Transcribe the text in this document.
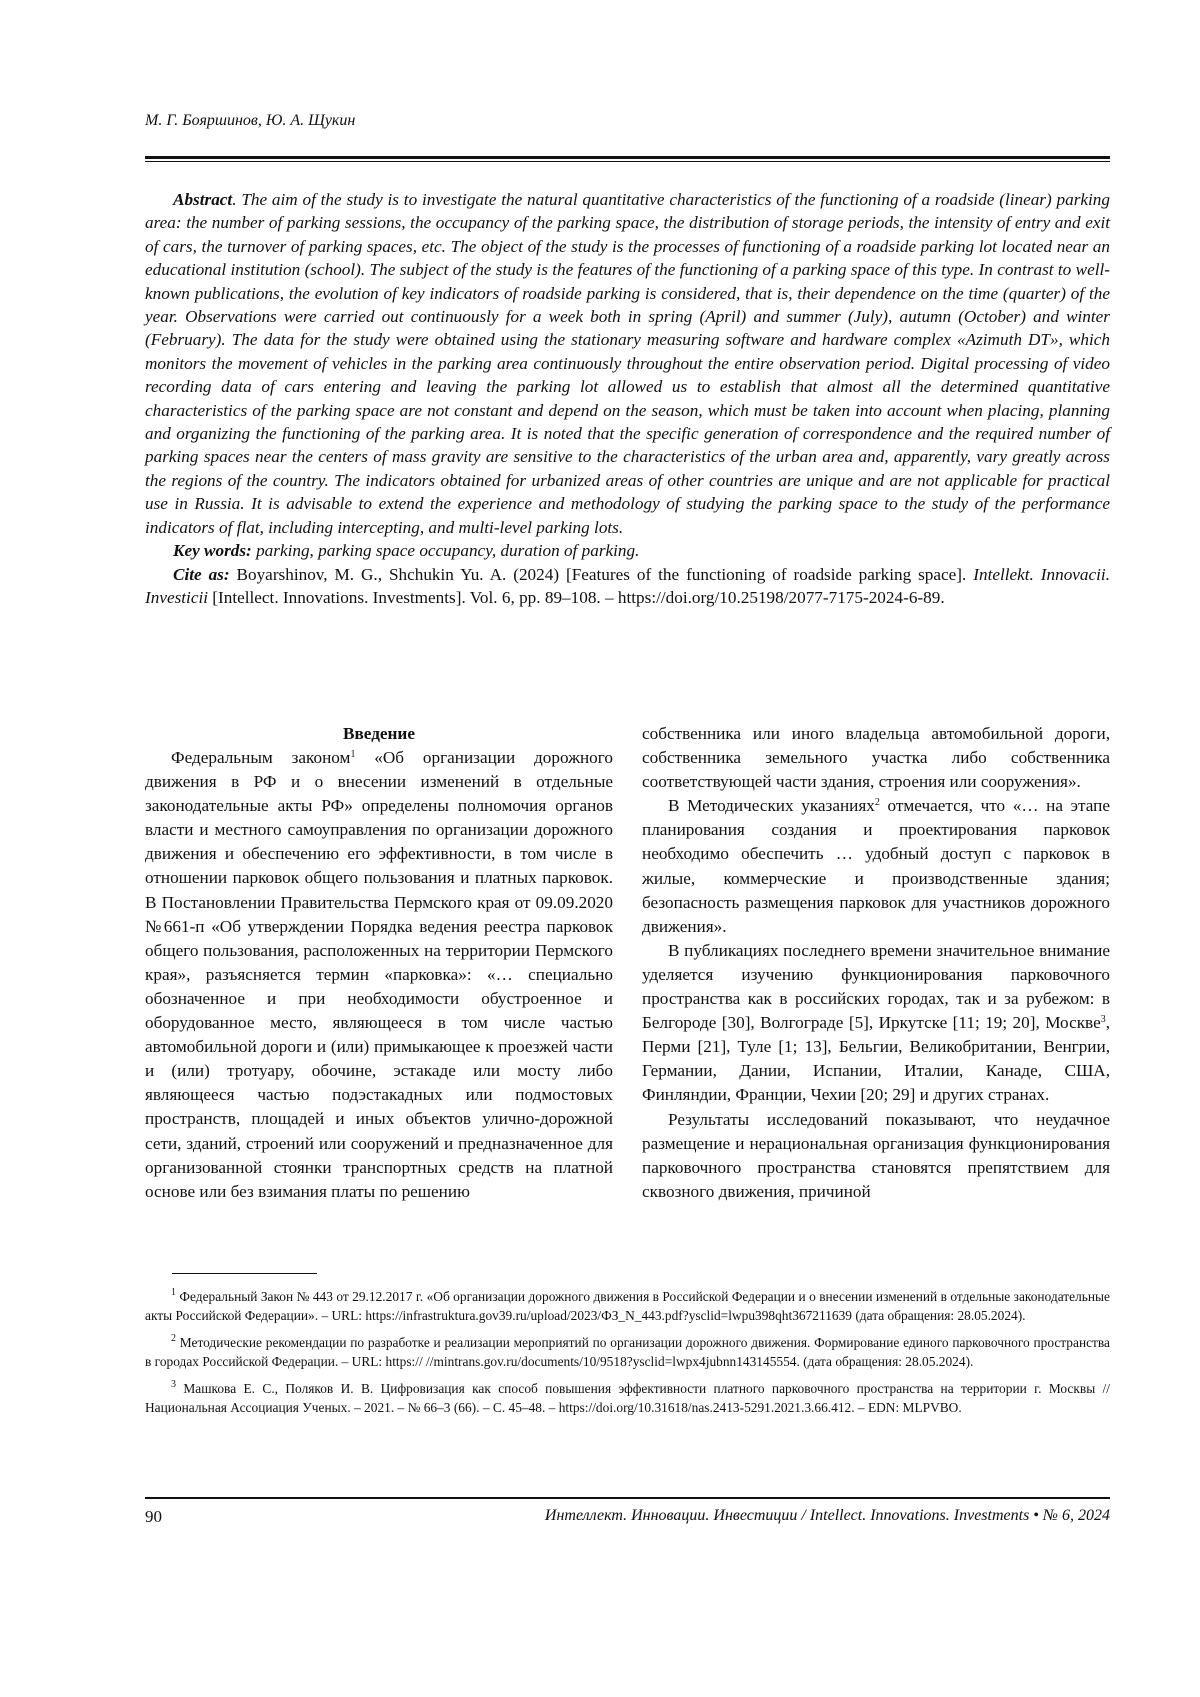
М. Г. Бояршинов, Ю. А. Щукин

Abstract. The aim of the study is to investigate the natural quantitative characteristics of the functioning of a roadside (linear) parking area: the number of parking sessions, the occupancy of the parking space, the distribution of storage periods, the intensity of entry and exit of cars, the turnover of parking spaces, etc. The object of the study is the processes of functioning of a roadside parking lot located near an educational institution (school). The subject of the study is the features of the functioning of a parking space of this type. In contrast to well-known publications, the evolution of key indicators of roadside parking is considered, that is, their dependence on the time (quarter) of the year. Observations were carried out continuously for a week both in spring (April) and summer (July), autumn (October) and winter (February). The data for the study were obtained using the stationary measuring software and hardware complex «Azimuth DT», which monitors the movement of vehicles in the parking area continuously throughout the entire observation period. Digital processing of video recording data of cars entering and leaving the parking lot allowed us to establish that almost all the determined quantitative characteristics of the parking space are not constant and depend on the season, which must be taken into account when placing, planning and organizing the functioning of the parking area. It is noted that the specific generation of correspondence and the required number of parking spaces near the centers of mass gravity are sensitive to the characteristics of the urban area and, apparently, vary greatly across the regions of the country. The indicators obtained for urbanized areas of other countries are unique and are not applicable for practical use in Russia. It is advisable to extend the experience and methodology of studying the parking space to the study of the performance indicators of flat, including intercepting, and multi-level parking lots.

Key words: parking, parking space occupancy, duration of parking.

Cite as: Boyarshinov, M. G., Shchukin Yu. A. (2024) [Features of the functioning of roadside parking space]. Intellekt. Innovacii. Investicii [Intellect. Innovations. Investments]. Vol. 6, pp. 89–108. – https://doi.org/10.25198/2077-7175-2024-6-89.

Введение

Федеральным законом$^1$ «Об организации дорожного движения в РФ и о внесении изменений в отдельные законодательные акты РФ» определены полномочия органов власти и местного самоуправления по организации дорожного движения и обеспечению его эффективности, в том числе в отношении парковок общего пользования и платных парковок. В Постановлении Правительства Пермского края от 09.09.2020 №661-п «Об утверждении Порядка ведения реестра парковок общего пользования, расположенных на территории Пермского края», разъясняется термин «парковка»: «… специально обозначенное и при необходимости обустроенное и оборудованное место, являющееся в том числе частью автомобильной дороги и (или) примыкающее к проезжей части и (или) тротуару, обочине, эстакаде или мосту либо являющееся частью подэстакадных или подмостовых пространств, площадей и иных объектов улично-дорожной сети, зданий, строений или сооружений и предназначенное для организованной стоянки транспортных средств на платной основе или без взимания платы по решению

собственника или иного владельца автомобильной дороги, собственника земельного участка либо собственника соответствующей части здания, строения или сооружения».

В Методических указаниях$^2$ отмечается, что «… на этапе планирования создания и проектирования парковок необходимо обеспечить … удобный доступ с парковок в жилые, коммерческие и производственные здания; безопасность размещения парковок для участников дорожного движения».

В публикациях последнего времени значительное внимание уделяется изучению функционирования парковочного пространства как в российских городах, так и за рубежом: в Белгороде [30], Волгограде [5], Иркутске [11; 19; 20], Москве$^3$, Перми [21], Туле [1; 13], Бельгии, Великобритании, Венгрии, Германии, Дании, Испании, Италии, Канаде, США, Финляндии, Франции, Чехии [20; 29] и других странах.

Результаты исследований показывают, что неудачное размещение и нерациональная организация функционирования парковочного пространства становятся препятствием для сквозного движения, причиной

$^1$ Федеральный Закон № 443 от 29.12.2017 г. «Об организации дорожного движения в Российской Федерации и о внесении изменений в отдельные законодательные акты Российской Федерации». – URL: https://infrastruktura.gov39.ru/upload/2023/ФЗ_N_443.pdf?ysclid=lwpu398qht367211639 (дата обращения: 28.05.2024).

$^2$ Методические рекомендации по разработке и реализации мероприятий по организации дорожного движения. Формирование единого парковочного пространства в городах Российской Федерации. – URL: https:// //mintrans.gov.ru/documents/10/9518?ysclid=lwpx4jubnn143145554. (дата обращения: 28.05.2024).

$^3$ Машкова Е. С., Поляков И. В. Цифровизация как способ повышения эффективности платного парковочного пространства на территории г. Москвы // Национальная Ассоциация Ученых. – 2021. – № 66–3 (66). – С. 45–48. – https://doi.org/10.31618/nas.2413-5291.2021.3.66.412. – EDN: MLPVBO.

90	Интеллект. Инновации. Инвестиции / Intellect. Innovations. Investments • № 6, 2024
